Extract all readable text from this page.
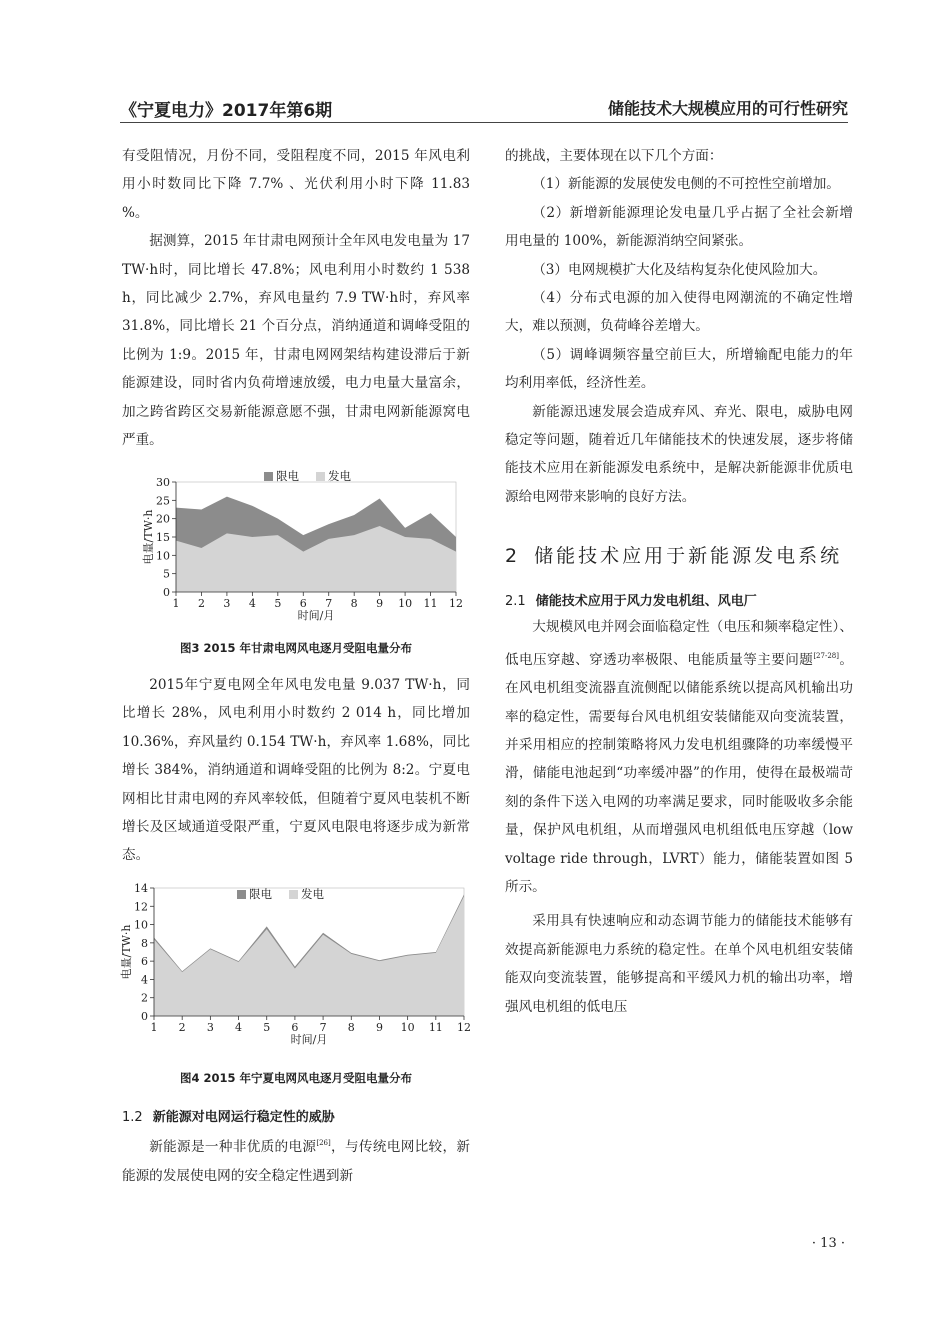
《宁夏电力》2017年第6期	储能技术大规模应用的可行性研究

有受阻情况，月份不同，受阻程度不同，2015 年风电利用小时数同比下降 7.7% 、光伏利用小时下降 11.83 %。

据测算，2015 年甘肃电网预计全年风电发电量为 17 TW·h时，同比增长 47.8%；风电利用小时数约 1 538 h，同比减少 2.7%，弃风电量约 7.9 TW·h时，弃风率 31.8%，同比增长 21 个百分点，消纳通道和调峰受阻的比例为 1:9。2015 年，甘肃电网网架结构建设滞后于新能源建设，同时省内负荷增速放缓，电力电量大量富余，加之跨省跨区交易新能源意愿不强，甘肃电网新能源窝电严重。

0
5
10
15
20
25
30
1 2 3 4 5 6 7 8 9 10 11 12
时间/月
电量/TW·h
限电	发电

图3 2015 年甘肃电网风电逐月受阻电量分布

2015年宁夏电网全年风电发电量 9.037 TW·h，同比增长 28%，风电利用小时数约 2 014 h，同比增加 10.36%，弃风量约 0.154 TW·h，弃风率 1.68%，同比增长 384%，消纳通道和调峰受阻的比例为 8:2。宁夏电网相比甘肃电网的弃风率较低，但随着宁夏风电装机不断增长及区域通道受限严重，宁夏风电限电将逐步成为新常态。

0
2
4
6
8
10
12
14
1 2 3 4 5 6 7 8 9 10 11 12
时间/月
电量/TW·h
限电	发电

图4 2015 年宁夏电网风电逐月受阻电量分布

1.2 新能源对电网运行稳定性的威胁

新能源是一种非优质的电源[26]，与传统电网比较，新能源的发展使电网的安全稳定性遇到新

的挑战，主要体现在以下几个方面：

（1）新能源的发展使发电侧的不可控性空前增加。

（2）新增新能源理论发电量几乎占据了全社会新增用电量的 100%，新能源消纳空间紧张。

（3）电网规模扩大化及结构复杂化使风险加大。

（4）分布式电源的加入使得电网潮流的不确定性增大，难以预测，负荷峰谷差增大。

（5）调峰调频容量空前巨大，所增输配电能力的年均利用率低，经济性差。

新能源迅速发展会造成弃风、弃光、限电，威胁电网稳定等问题，随着近几年储能技术的快速发展，逐步将储能技术应用在新能源发电系统中，是解决新能源非优质电源给电网带来影响的良好方法。

2 储能技术应用于新能源发电系统
2.1 储能技术应用于风力发电机组、风电厂

大规模风电并网会面临稳定性（电压和频率稳定性）、低电压穿越、穿透功率极限、电能质量等主要问题[27-28]。在风电机组变流器直流侧配以储能系统以提高风机输出功率的稳定性，需要每台风电机组安装储能双向变流装置，并采用相应的控制策略将风力发电机组骤降的功率缓慢平滑，储能电池起到“功率缓冲器”的作用，使得在最极端苛刻的条件下送入电网的功率满足要求，同时能吸收多余能量，保护风电机组，从而增强风电机组低电压穿越（low voltage ride through，LVRT）能力，储能装置如图 5 所示。

采用具有快速响应和动态调节能力的储能技术能够有效提高新能源电力系统的稳定性。在单个风电机组安装储能双向变流装置，能够提高和平缓风力机的输出功率，增强风电机组的低电压

· 13 ·
